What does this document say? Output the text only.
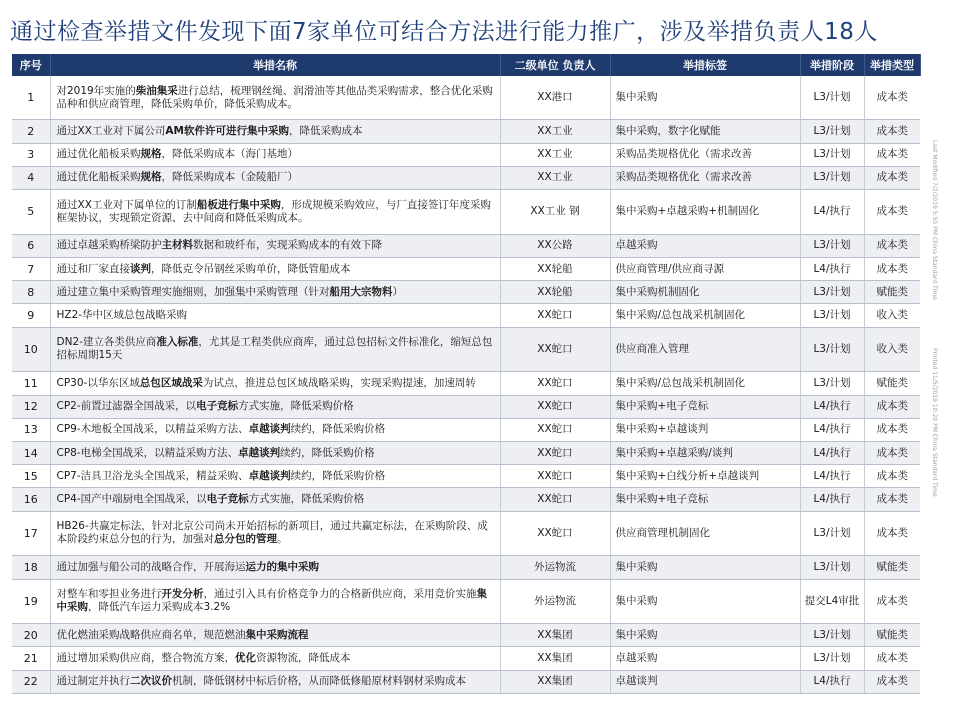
通过检查举措文件发现下面7家单位可结合方法进行能力推广，涉及举措负责人18人
序号	举措名称	二级单位 负责人	举措标签	举措阶段	举措类型
1	对2019年实施的柴油集采进行总结，梳理钢丝绳、润滑油等其他品类采购需求，整合优化采购品种和供应商管理，降低采购单价，降低采购成本。	XX港口	集中采购	L3/计划	成本类
2	通过XX工业对下属公司AM软件许可进行集中采购，降低采购成本	XX工业	集中采购，数字化赋能	L3/计划	成本类
3	通过优化船板采购规格，降低采购成本（海门基地）	XX工业	采购品类规格优化（需求改善	L3/计划	成本类
4	通过优化船板采购规格，降低采购成本（金陵船厂）	XX工业	采购品类规格优化（需求改善	L3/计划	成本类
5	通过XX工业对下属单位的订制船板进行集中采购，形成规模采购效应，与厂直接签订年度采购框架协议，实现锁定资源、去中间商和降低采购成本。	XX工业 钢	集中采购+卓越采购+机制固化	L4/执行	成本类
6	通过卓越采购桥梁防护主材料数据和玻纤布，实现采购成本的有效下降	XX公路	卓越采购	L3/计划	成本类
7	通过和厂家直接谈判，降低克令吊钢丝采购单价，降低管船成本	XX轮船	供应商管理/供应商寻源	L4/执行	成本类
8	通过建立集中采购管理实施细则，加强集中采购管理（针对船用大宗物料）	XX轮船	集中采购机制固化	L3/计划	赋能类
9	HZ2-华中区域总包战略采购	XX蛇口	集中采购/总包战采机制固化	L3/计划	收入类
10	DN2-建立各类供应商准入标准，尤其是工程类供应商库，通过总包招标文件标准化，缩短总包招标周期15天	XX蛇口	供应商准入管理	L3/计划	收入类
11	CP30-以华东区域总包区域战采为试点，推进总包区域战略采购，实现采购提速，加速周转	XX蛇口	集中采购/总包战采机制固化	L3/计划	赋能类
12	CP2-前置过滤器全国战采，以电子竞标方式实施，降低采购价格	XX蛇口	集中采购+电子竞标	L4/执行	成本类
13	CP9-木地板全国战采，以精益采购方法、卓越谈判续约，降低采购价格	XX蛇口	集中采购+卓越谈判	L4/执行	成本类
14	CP8-电梯全国战采，以精益采购方法、卓越谈判续约，降低采购价格	XX蛇口	集中采购+卓越采购/谈判	L4/执行	成本类
15	CP7-洁具卫浴龙头全国战采，精益采购、卓越谈判续约，降低采购价格	XX蛇口	集中采购+白线分析+卓越谈判	L4/执行	成本类
16	CP4-国产中端厨电全国战采，以电子竞标方式实施，降低采购价格	XX蛇口	集中采购+电子竞标	L4/执行	成本类
17	HB26-共赢定标法，针对北京公司尚未开始招标的新项目，通过共赢定标法，在采购阶段、成本阶段约束总分包的行为，加强对总分包的管理。	XX蛇口	供应商管理机制固化	L3/计划	成本类
18	通过加强与船公司的战略合作，开展海运运力的集中采购	外运物流	集中采购	L3/计划	赋能类
19	对整车和零担业务进行开发分析，通过引入具有价格竞争力的合格新供应商，采用竞价实施集中采购，降低汽车运力采购成本3.2%	外运物流	集中采购	提交L4审批	成本类
20	优化燃油采购战略供应商名单，规范燃油集中采购流程	XX集团	集中采购	L3/计划	赋能类
21	通过增加采购供应商，整合物流方案，优化资源物流，降低成本	XX集团	卓越采购	L3/计划	成本类
22	通过制定并执行二次议价机制，降低钢材中标后价格，从而降低修船原材料钢材采购成本	XX集团	卓越谈判	L4/执行	成本类
Last Modified 7/2/2019 5:50 PM China Standard Time
Printed 11/5/2019 10:20 PM China Standard Time
